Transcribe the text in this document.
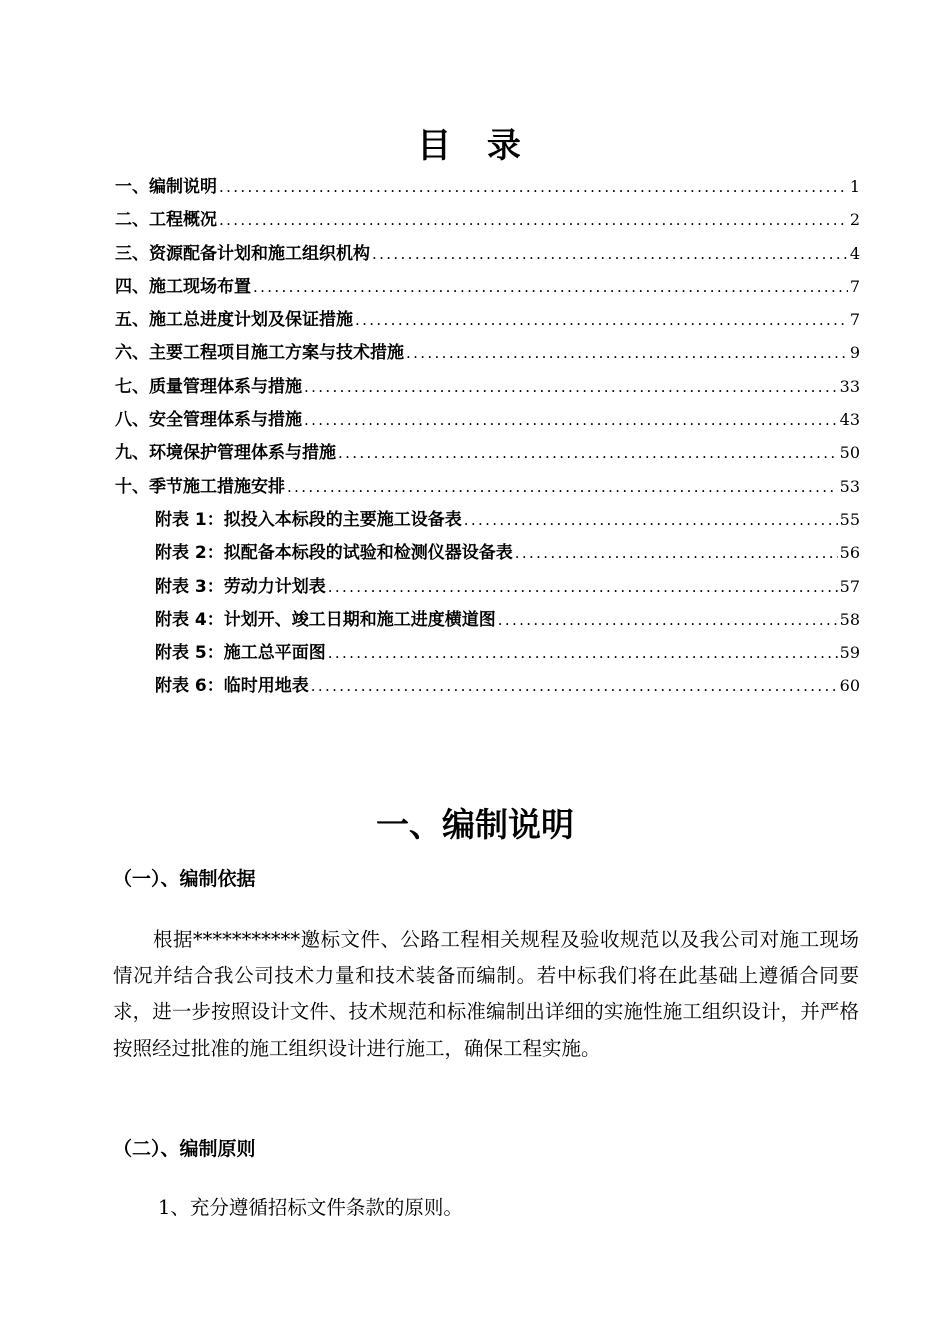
目 录
一、编制说明 . . .	1
二、工程概况 . . .	2
三、资源配备计划和施工组织机构 . . .	4
四、施工现场布置 . . .	7
五、施工总进度计划及保证措施 . . .	7
六、主要工程项目施工方案与技术措施 . . .	9
七、质量管理体系与措施 . . .	33
八、安全管理体系与措施 . . .	43
九、环境保护管理体系与措施 . . .	50
十、季节施工措施安排 . . .	53
附表 1：拟投入本标段的主要施工设备表 . . .	55
附表 2：拟配备本标段的试验和检测仪器设备表 . . .	56
附表 3：劳动力计划表 . . .	57
附表 4：计划开、竣工日期和施工进度横道图 . . .	58
附表 5：施工总平面图 . . .	59
附表 6：临时用地表 . . .	60
一、编制说明
（一）、编制依据
根据***********邀标文件、公路工程相关规程及验收规范以及我公司对施工现场情况并结合我公司技术力量和技术装备而编制。若中标我们将在此基础上遵循合同要求，进一步按照设计文件、技术规范和标准编制出详细的实施性施工组织设计，并严格按照经过批准的施工组织设计进行施工，确保工程实施。
（二）、编制原则
1、充分遵循招标文件条款的原则。
